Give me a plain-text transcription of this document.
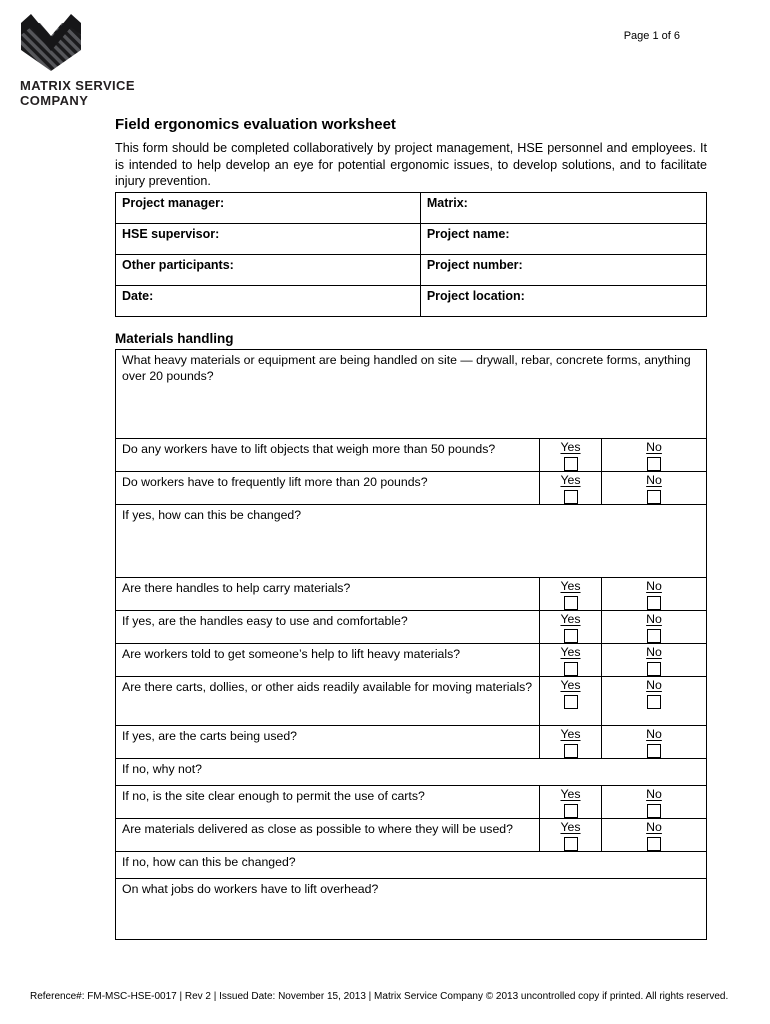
MATRIX SERVICE
COMPANY
Page 1 of 6
Field ergonomics evaluation worksheet

This form should be completed collaboratively by project management, HSE personnel and employees. It is intended to help develop an eye for potential ergonomic issues, to develop solutions, and to facilitate injury prevention.

Project manager:	Matrix:
HSE supervisor:	Project name:
Other participants:	Project number:
Date:	Project location:
Materials handling
What heavy materials or equipment are being handled on site — drywall, rebar, concrete forms, anything over 20 pounds?
Do any workers have to lift objects that weigh more than 50 pounds?	Yes	No
Do workers have to frequently lift more than 20 pounds?	Yes	No
If yes, how can this be changed?
Are there handles to help carry materials?	Yes	No
If yes, are the handles easy to use and comfortable?	Yes	No
Are workers told to get someone’s help to lift heavy materials?	Yes	No
Are there carts, dollies, or other aids readily available for moving materials?	Yes	No
If yes, are the carts being used?	Yes	No
If no, why not?
If no, is the site clear enough to permit the use of carts?	Yes	No
Are materials delivered as close as possible to where they will be used?	Yes	No
If no, how can this be changed?
On what jobs do workers have to lift overhead?
Reference#: FM-MSC-HSE-0017 | Rev 2 | Issued Date: November 15, 2013 | Matrix Service Company © 2013 uncontrolled copy if printed. All rights reserved.
